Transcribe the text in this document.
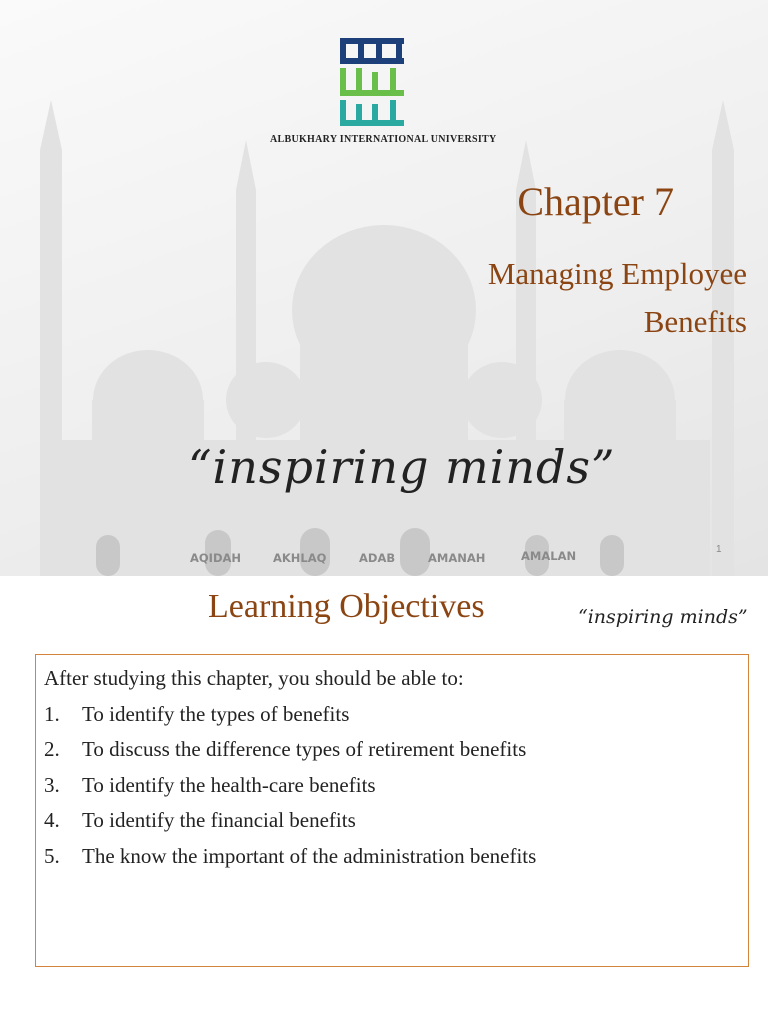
ALBUKHARY INTERNATIONAL UNIVERSITY
Chapter 7
Managing Employee
Benefits
“inspiring minds”
AQIDAH	AKHLAQ	ADAB	AMANAH	AMALAN	1
Learning Objectives	“inspiring minds”
After studying this chapter, you should be able to:
1. To identify the types of benefits
2. To discuss the difference types of retirement benefits
3. To identify the health-care benefits
4. To identify the financial benefits
5. The know the important of the administration benefits
